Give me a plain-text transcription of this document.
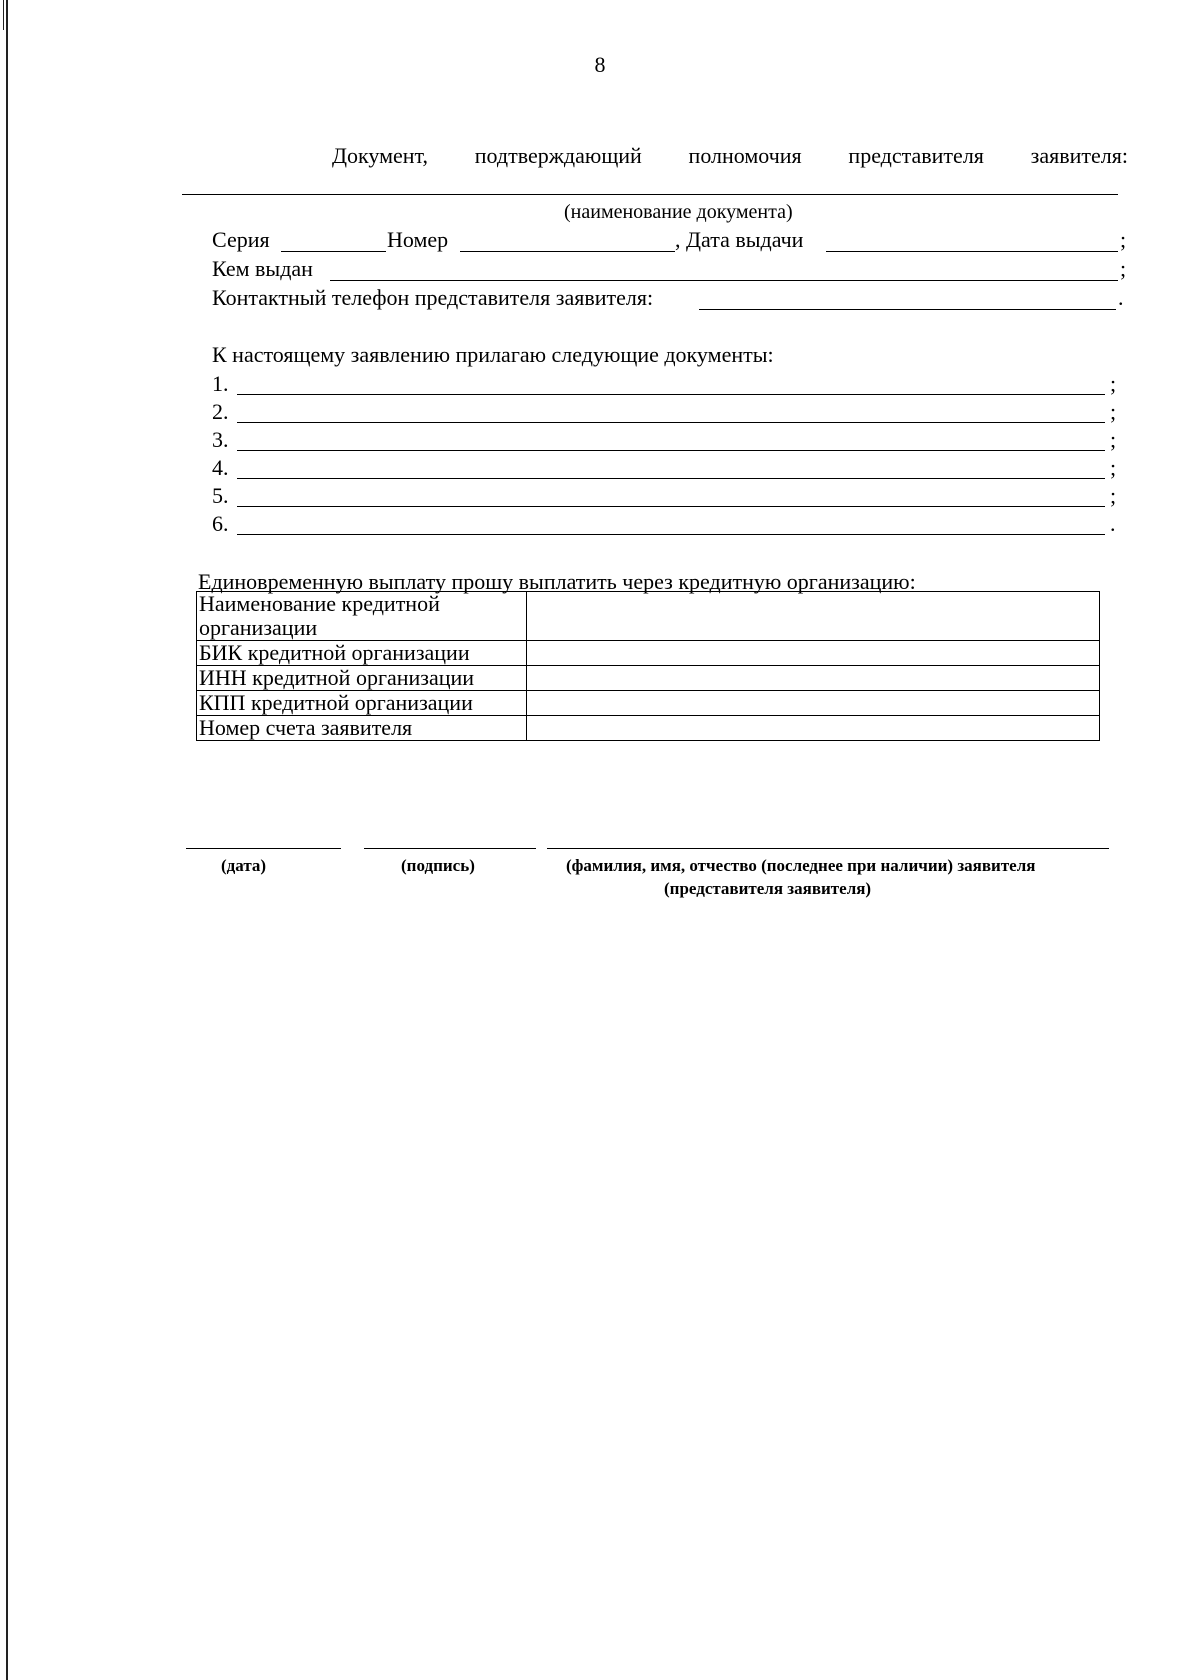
8
Документ, подтверждающий полномочия представителя заявителя:
(наименование документа)
Серия	Номер	, Дата выдачи	;
Кем выдан	;
Контактный телефон представителя заявителя:	.
К настоящему заявлению прилагаю следующие документы:
1.	;
2.	;
3.	;
4.	;
5.	;
6.	.
Единовременную выплату прошу выплатить через кредитную организацию:
Наименование кредитной организации	
БИК кредитной организации	
ИНН кредитной организации	
КПП кредитной организации	
Номер счета заявителя	
(дата)	(подпись)	(фамилия, имя, отчество (последнее при наличии) заявителя
(представителя заявителя)
